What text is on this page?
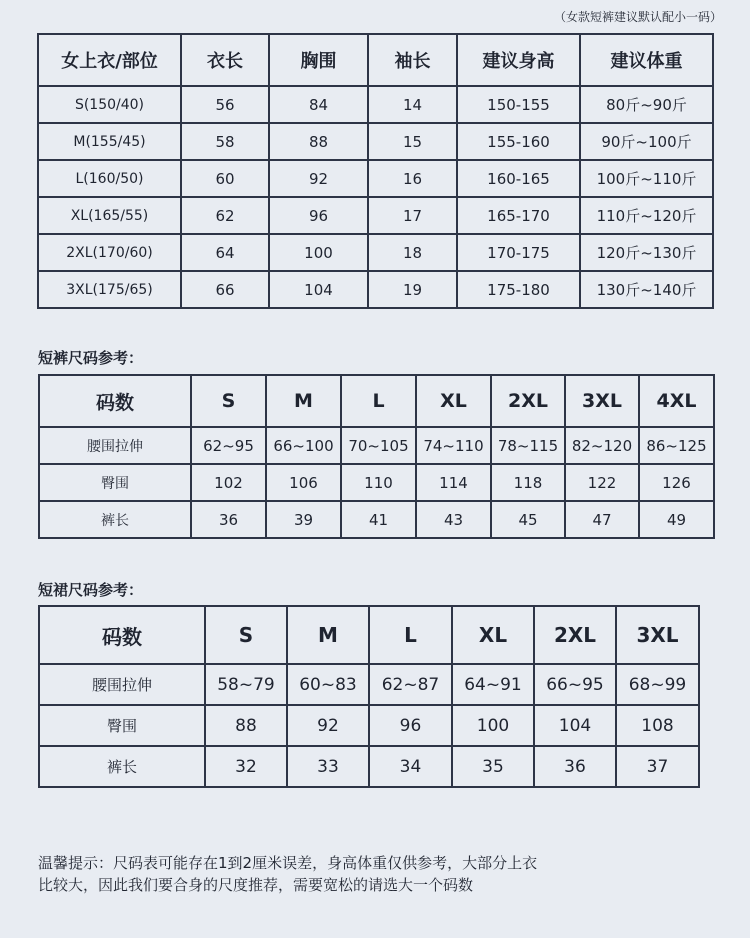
（女款短裤建议默认配小一码）
女上衣/部位	衣长	胸围	袖长	建议身高	建议体重
S(150/40)	56	84	14	150-155	80斤~90斤
M(155/45)	58	88	15	155-160	90斤~100斤
L(160/50)	60	92	16	160-165	100斤~110斤
XL(165/55)	62	96	17	165-170	110斤~120斤
2XL(170/60)	64	100	18	170-175	120斤~130斤
3XL(175/65)	66	104	19	175-180	130斤~140斤
短裤尺码参考：
码数	S	M	L	XL	2XL	3XL	4XL
腰围拉伸	62~95	66~100	70~105	74~110	78~115	82~120	86~125
臀围	102	106	110	114	118	122	126
裤长	36	39	41	43	45	47	49
短裙尺码参考：
码数	S	M	L	XL	2XL	3XL
腰围拉伸	58~79	60~83	62~87	64~91	66~95	68~99
臀围	88	92	96	100	104	108
裤长	32	33	34	35	36	37
温馨提示：尺码表可能存在1到2厘米误差，身高体重仅供参考，大部分上衣
比较大，因此我们要合身的尺度推荐，需要宽松的请选大一个码数
